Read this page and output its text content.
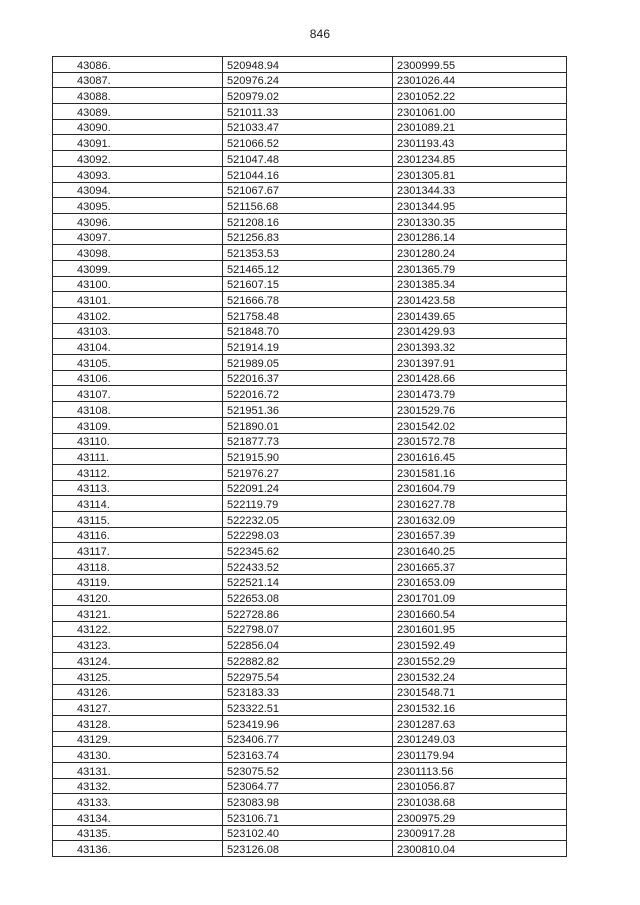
846
43086.	520948.94	2300999.55
43087.	520976.24	2301026.44
43088.	520979.02	2301052.22
43089.	521011.33	2301061.00
43090.	521033.47	2301089.21
43091.	521066.52	2301193.43
43092.	521047.48	2301234.85
43093.	521044.16	2301305.81
43094.	521067.67	2301344.33
43095.	521156.68	2301344.95
43096.	521208.16	2301330.35
43097.	521256.83	2301286.14
43098.	521353.53	2301280.24
43099.	521465.12	2301365.79
43100.	521607.15	2301385.34
43101.	521666.78	2301423.58
43102.	521758.48	2301439.65
43103.	521848.70	2301429.93
43104.	521914.19	2301393.32
43105.	521989.05	2301397.91
43106.	522016.37	2301428.66
43107.	522016.72	2301473.79
43108.	521951.36	2301529.76
43109.	521890.01	2301542.02
43110.	521877.73	2301572.78
43111.	521915.90	2301616.45
43112.	521976.27	2301581.16
43113.	522091.24	2301604.79
43114.	522119.79	2301627.78
43115.	522232.05	2301632.09
43116.	522298.03	2301657.39
43117.	522345.62	2301640.25
43118.	522433.52	2301665.37
43119.	522521.14	2301653.09
43120.	522653.08	2301701.09
43121.	522728.86	2301660.54
43122.	522798.07	2301601.95
43123.	522856.04	2301592.49
43124.	522882.82	2301552.29
43125.	522975.54	2301532.24
43126.	523183.33	2301548.71
43127.	523322.51	2301532.16
43128.	523419.96	2301287.63
43129.	523406.77	2301249.03
43130.	523163.74	2301179.94
43131.	523075.52	2301113.56
43132.	523064.77	2301056.87
43133.	523083.98	2301038.68
43134.	523106.71	2300975.29
43135.	523102.40	2300917.28
43136.	523126.08	2300810.04
